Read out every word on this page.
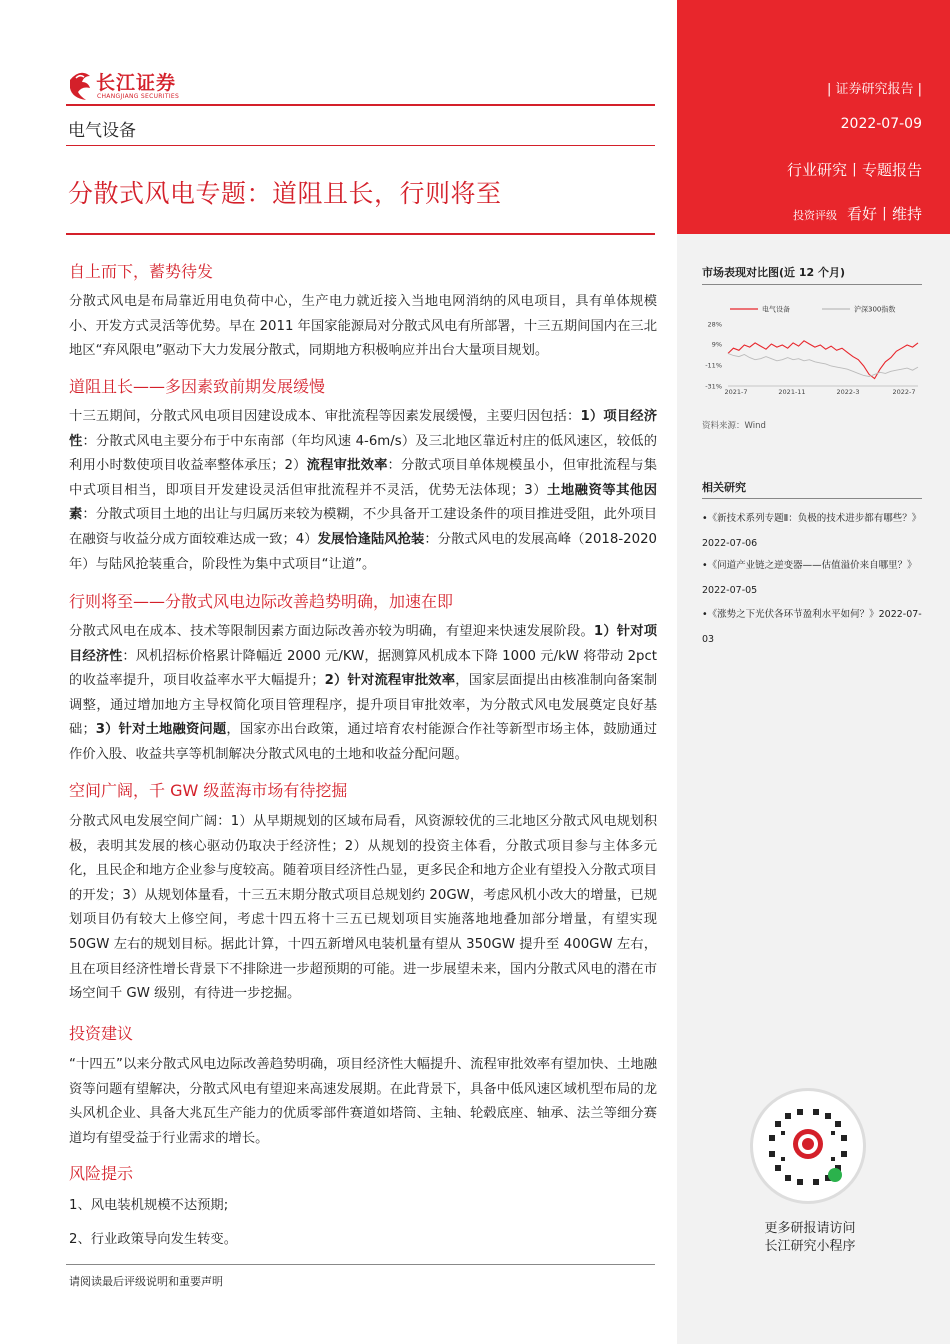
| 证券研究报告 |
2022-07-09
行业研究丨专题报告
投资评级 看好丨维持
市场表现对比图(近 12 个月)
28%
9%
-11%
-31%
2021-7	2021-11	2022-3	2022-7
电气设备	沪深300指数
资料来源：Wind
相关研究

•《新技术系列专题Ⅱ：负极的技术进步都有哪些？》2022-07-06

•《问道产业链之逆变器——估值溢价来自哪里？》2022-07-05

•《涨势之下光伏各环节盈利水平如何？》2022-07-03

更多研报请访问
长江研究小程序
长江证券
CHANGJIANG SECURITIES
电气设备
分散式风电专题：道阻且长，行则将至
自上而下，蓄势待发

分散式风电是布局靠近用电负荷中心，生产电力就近接入当地电网消纳的风电项目，具有单体规模小、开发方式灵活等优势。早在 2011 年国家能源局对分散式风电有所部署，十三五期间国内在三北地区“弃风限电”驱动下大力发展分散式，同期地方积极响应并出台大量项目规划。

道阻且长——多因素致前期发展缓慢

十三五期间，分散式风电项目因建设成本、审批流程等因素发展缓慢，主要归因包括：1）项目经济性：分散式风电主要分布于中东南部（年均风速 4-6m/s）及三北地区靠近村庄的低风速区，较低的利用小时数使项目收益率整体承压；2）流程审批效率：分散式项目单体规模虽小，但审批流程与集中式项目相当，即项目开发建设灵活但审批流程并不灵活，优势无法体现；3）土地融资等其他因素：分散式项目土地的出让与归属历来较为模糊，不少具备开工建设条件的项目推进受阻，此外项目在融资与收益分成方面较难达成一致；4）发展恰逢陆风抢装：分散式风电的发展高峰（2018-2020 年）与陆风抢装重合，阶段性为集中式项目“让道”。

行则将至——分散式风电边际改善趋势明确，加速在即

分散式风电在成本、技术等限制因素方面边际改善亦较为明确，有望迎来快速发展阶段。1）针对项目经济性：风机招标价格累计降幅近 2000 元/KW，据测算风机成本下降 1000 元/kW 将带动 2pct 的收益率提升，项目收益率水平大幅提升；2）针对流程审批效率，国家层面提出由核准制向备案制调整，通过增加地方主导权简化项目管理程序，提升项目审批效率，为分散式风电发展奠定良好基础；3）针对土地融资问题，国家亦出台政策，通过培育农村能源合作社等新型市场主体，鼓励通过作价入股、收益共享等机制解决分散式风电的土地和收益分配问题。

空间广阔，千 GW 级蓝海市场有待挖掘

分散式风电发展空间广阔：1）从早期规划的区域布局看，风资源较优的三北地区分散式风电规划积极，表明其发展的核心驱动仍取决于经济性；2）从规划的投资主体看，分散式项目参与主体多元化，且民企和地方企业参与度较高。随着项目经济性凸显，更多民企和地方企业有望投入分散式项目的开发；3）从规划体量看，十三五末期分散式项目总规划约 20GW，考虑风机小改大的增量，已规划项目仍有较大上修空间，考虑十四五将十三五已规划项目实施落地地叠加部分增量，有望实现 50GW 左右的规划目标。据此计算，十四五新增风电装机量有望从 350GW 提升至 400GW 左右，且在项目经济性增长背景下不排除进一步超预期的可能。进一步展望未来，国内分散式风电的潜在市场空间千 GW 级别，有待进一步挖掘。

投资建议

“十四五”以来分散式风电边际改善趋势明确，项目经济性大幅提升、流程审批效率有望加快、土地融资等问题有望解决，分散式风电有望迎来高速发展期。在此背景下，具备中低风速区域机型布局的龙头风机企业、具备大兆瓦生产能力的优质零部件赛道如塔筒、主轴、轮毂底座、轴承、法兰等细分赛道均有望受益于行业需求的增长。

风险提示
1、风电装机规模不达预期;
2、行业政策导向发生转变。
请阅读最后评级说明和重要声明
